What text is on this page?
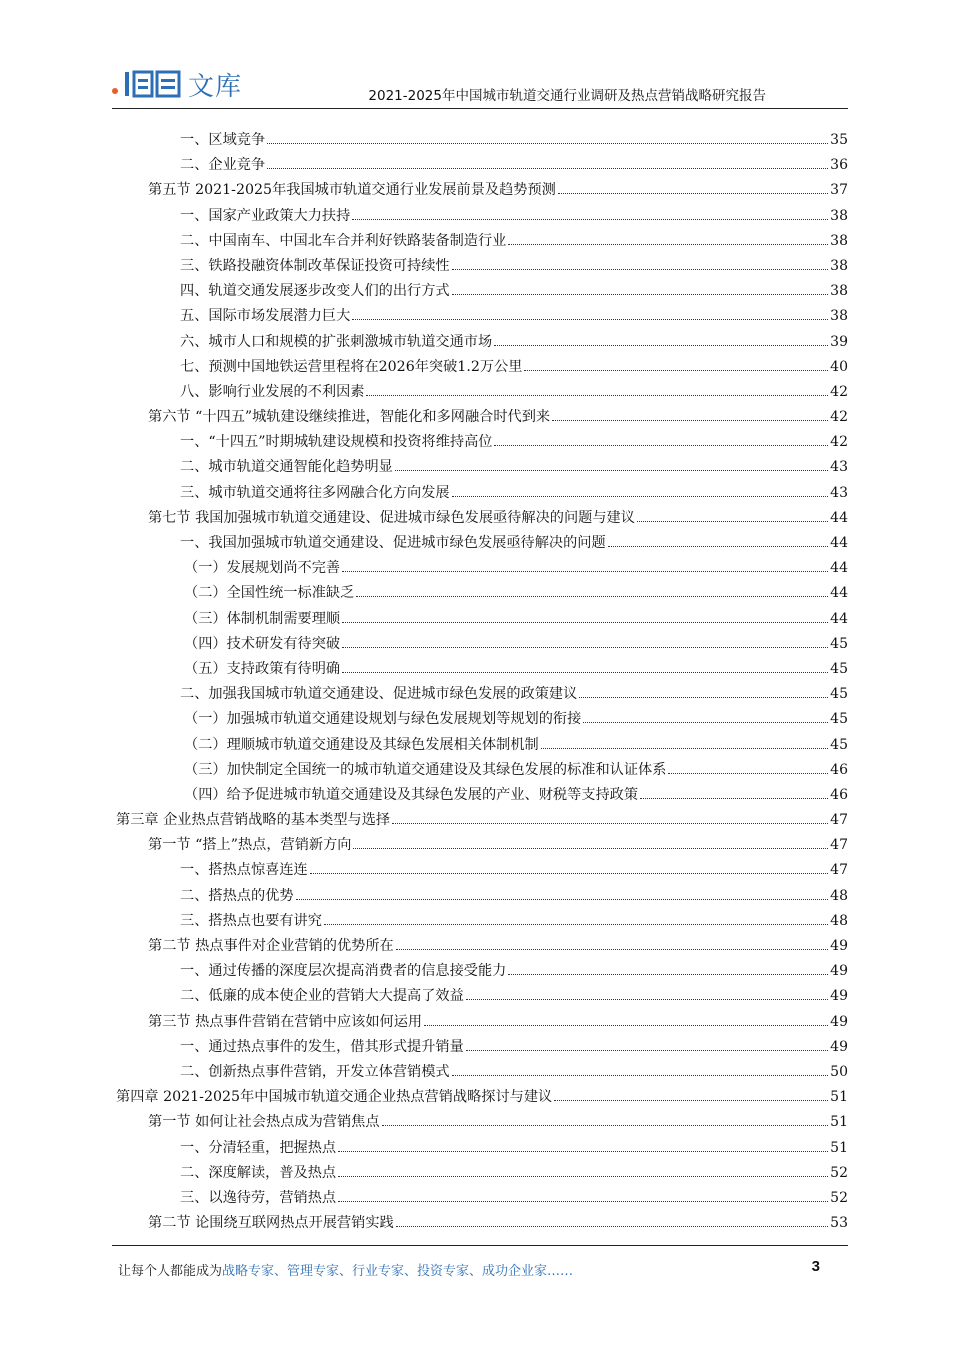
文库	2021-2025年中国城市轨道交通行业调研及热点营销战略研究报告
一、区域竞争	35
二、企业竞争	36
第五节 2021-2025年我国城市轨道交通行业发展前景及趋势预测	37
一、国家产业政策大力扶持	38
二、中国南车、中国北车合并利好铁路装备制造行业	38
三、铁路投融资体制改革保证投资可持续性	38
四、轨道交通发展逐步改变人们的出行方式	38
五、国际市场发展潜力巨大	38
六、城市人口和规模的扩张刺激城市轨道交通市场	39
七、预测中国地铁运营里程将在2026年突破1.2万公里	40
八、影响行业发展的不利因素	42
第六节 “十四五”城轨建设继续推进，智能化和多网融合时代到来	42
一、“十四五”时期城轨建设规模和投资将维持高位	42
二、城市轨道交通智能化趋势明显	43
三、城市轨道交通将往多网融合化方向发展	43
第七节 我国加强城市轨道交通建设、促进城市绿色发展亟待解决的问题与建议	44
一、我国加强城市轨道交通建设、促进城市绿色发展亟待解决的问题	44
（一）发展规划尚不完善	44
（二）全国性统一标准缺乏	44
（三）体制机制需要理顺	44
（四）技术研发有待突破	45
（五）支持政策有待明确	45
二、加强我国城市轨道交通建设、促进城市绿色发展的政策建议	45
（一）加强城市轨道交通建设规划与绿色发展规划等规划的衔接	45
（二）理顺城市轨道交通建设及其绿色发展相关体制机制	45
（三）加快制定全国统一的城市轨道交通建设及其绿色发展的标准和认证体系	46
（四）给予促进城市轨道交通建设及其绿色发展的产业、财税等支持政策	46
第三章 企业热点营销战略的基本类型与选择	47
第一节 “搭上”热点，营销新方向	47
一、搭热点惊喜连连	47
二、搭热点的优势	48
三、搭热点也要有讲究	48
第二节 热点事件对企业营销的优势所在	49
一、通过传播的深度层次提高消费者的信息接受能力	49
二、低廉的成本使企业的营销大大提高了效益	49
第三节 热点事件营销在营销中应该如何运用	49
一、通过热点事件的发生，借其形式提升销量	49
二、创新热点事件营销，开发立体营销模式	50
第四章 2021-2025年中国城市轨道交通企业热点营销战略探讨与建议	51
第一节 如何让社会热点成为营销焦点	51
一、分清轻重，把握热点	51
二、深度解读，普及热点	52
三、以逸待劳，营销热点	52
第二节 论围绕互联网热点开展营销实践	53
让每个人都能成为战略专家、管理专家、行业专家、投资专家、成功企业家……	3
